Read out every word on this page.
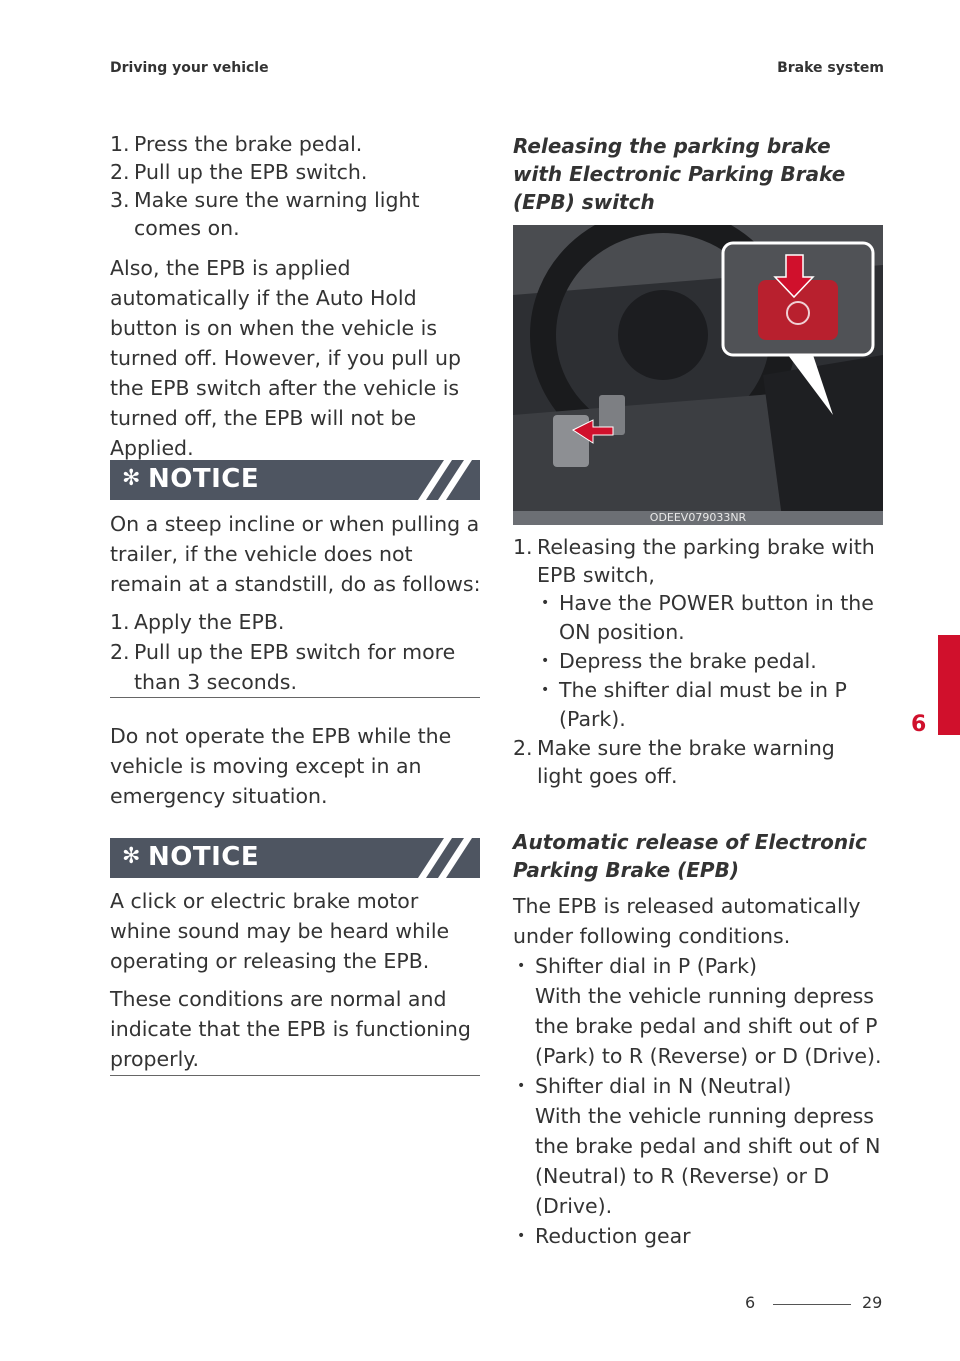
Driving your vehicle	Brake system
1. Press the brake pedal.
2. Pull up the EPB switch.
3. Make sure the warning light comes on.

Also, the EPB is applied automatically if the Auto Hold button is on when the vehicle is turned off. However, if you pull up the EPB switch after the vehicle is turned off, the EPB will not be Applied.

✻ NOTICE

On a steep incline or when pulling a trailer, if the vehicle does not remain at a standstill, do as follows:

1. Apply the EPB.
2. Pull up the EPB switch for more than 3 seconds.

Do not operate the EPB while the vehicle is moving except in an emergency situation.

✻ NOTICE

A click or electric brake motor whine sound may be heard while operating or releasing the EPB.

These conditions are normal and indicate that the EPB is functioning properly.

Releasing the parking brake with Electronic Parking Brake (EPB) switch

ODEEV079033NR
1. Releasing the parking brake with EPB switch,
• Have the POWER button in the ON position.
• Depress the brake pedal.
• The shifter dial must be in P (Park).
2. Make sure the brake warning light goes off.

Automatic release of Electronic Parking Brake (EPB)

The EPB is released automatically under following conditions.

• Shifter dial in P (Park)
With the vehicle running depress the brake pedal and shift out of P (Park) to R (Reverse) or D (Drive).
• Shifter dial in N (Neutral)
With the vehicle running depress the brake pedal and shift out of N (Neutral) to R (Reverse) or D (Drive).
• Reduction gear
6
6	29
